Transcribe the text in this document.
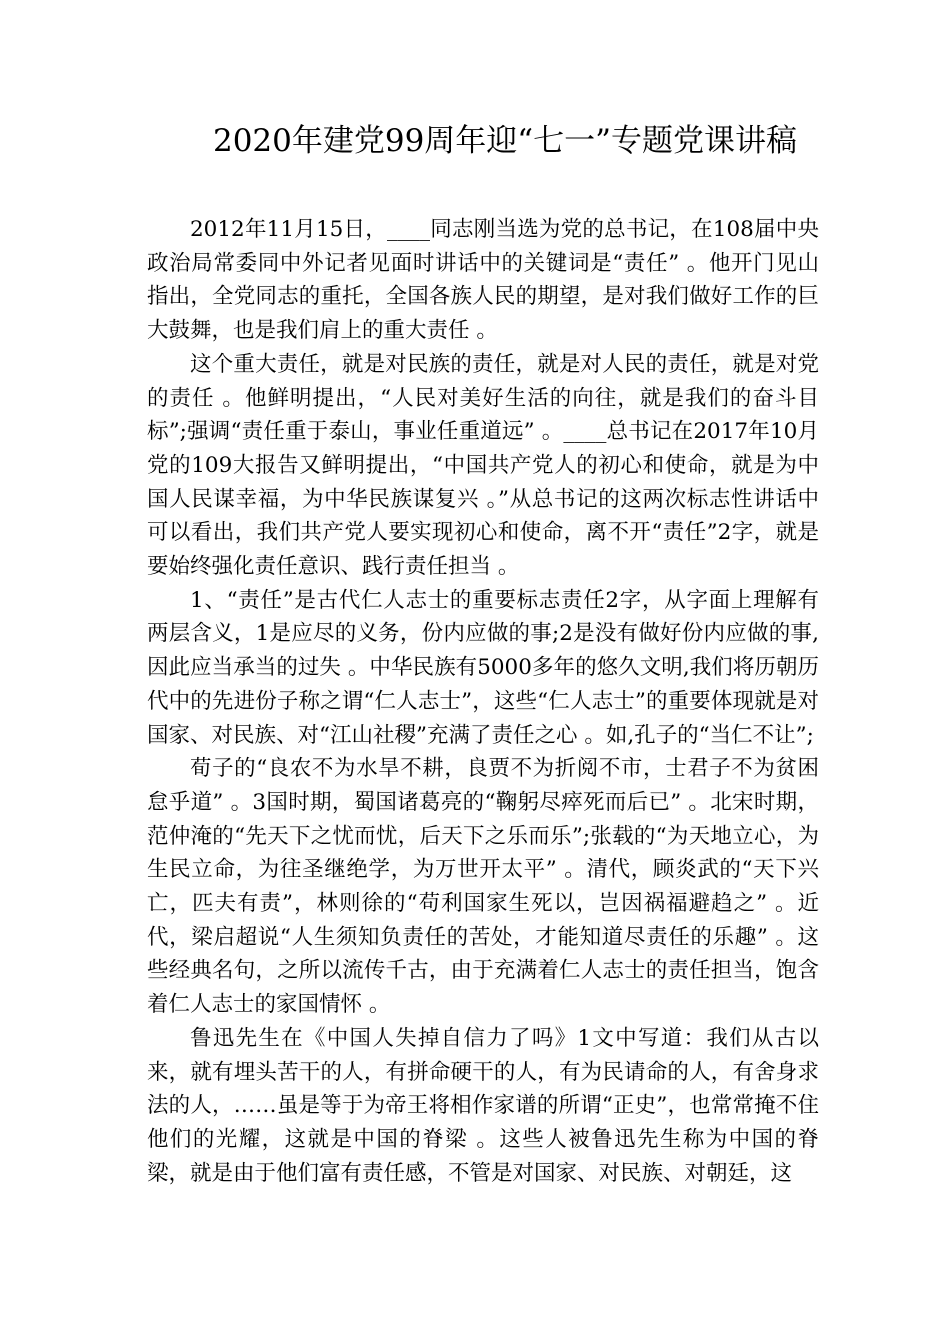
2020年建党99周年迎“七一”专题党课讲稿

2012年11月15日，____同志刚当选为党的总书记，在108届中央政治局常委同中外记者见面时讲话中的关键词是“责任” 。他开门见山指出，全党同志的重托，全国各族人民的期望，是对我们做好工作的巨大鼓舞，也是我们肩上的重大责任 。

这个重大责任，就是对民族的责任，就是对人民的责任，就是对党的责任 。他鲜明提出，“人民对美好生活的向往，就是我们的奋斗目标”;强调“责任重于泰山，事业任重道远” 。____总书记在2017年10月党的109大报告又鲜明提出，“中国共产党人的初心和使命，就是为中国人民谋幸福，为中华民族谋复兴 。”从总书记的这两次标志性讲话中可以看出，我们共产党人要实现初心和使命，离不开“责任”2字，就是要始终强化责任意识、践行责任担当 。

1、“责任”是古代仁人志士的重要标志责任2字，从字面上理解有两层含义，1是应尽的义务，份内应做的事;2是没有做好份内应做的事,因此应当承当的过失 。中华民族有5000多年的悠久文明,我们将历朝历代中的先进份子称之谓“仁人志士”，这些“仁人志士”的重要体现就是对国家、对民族、对“江山社稷”充满了责任之心 。如,孔子的“当仁不让”;

荀子的“良农不为水旱不耕，良贾不为折阅不市，士君子不为贫困怠乎道” 。3国时期，蜀国诸葛亮的“鞠躬尽瘁死而后已” 。北宋时期，范仲淹的“先天下之忧而忧，后天下之乐而乐”;张载的“为天地立心，为生民立命，为往圣继绝学，为万世开太平” 。清代，顾炎武的“天下兴亡，匹夫有责”，林则徐的“苟利国家生死以，岂因祸福避趋之” 。近代，梁启超说“人生须知负责任的苦处，才能知道尽责任的乐趣” 。这些经典名句，之所以流传千古，由于充满着仁人志士的责任担当，饱含着仁人志士的家国情怀 。

鲁迅先生在《中国人失掉自信力了吗》1文中写道：我们从古以来，就有埋头苦干的人，有拼命硬干的人，有为民请命的人，有舍身求法的人，……虽是等于为帝王将相作家谱的所谓“正史”，也常常掩不住他们的光耀，这就是中国的脊梁 。这些人被鲁迅先生称为中国的脊梁，就是由于他们富有责任感，不管是对国家、对民族、对朝廷，这
